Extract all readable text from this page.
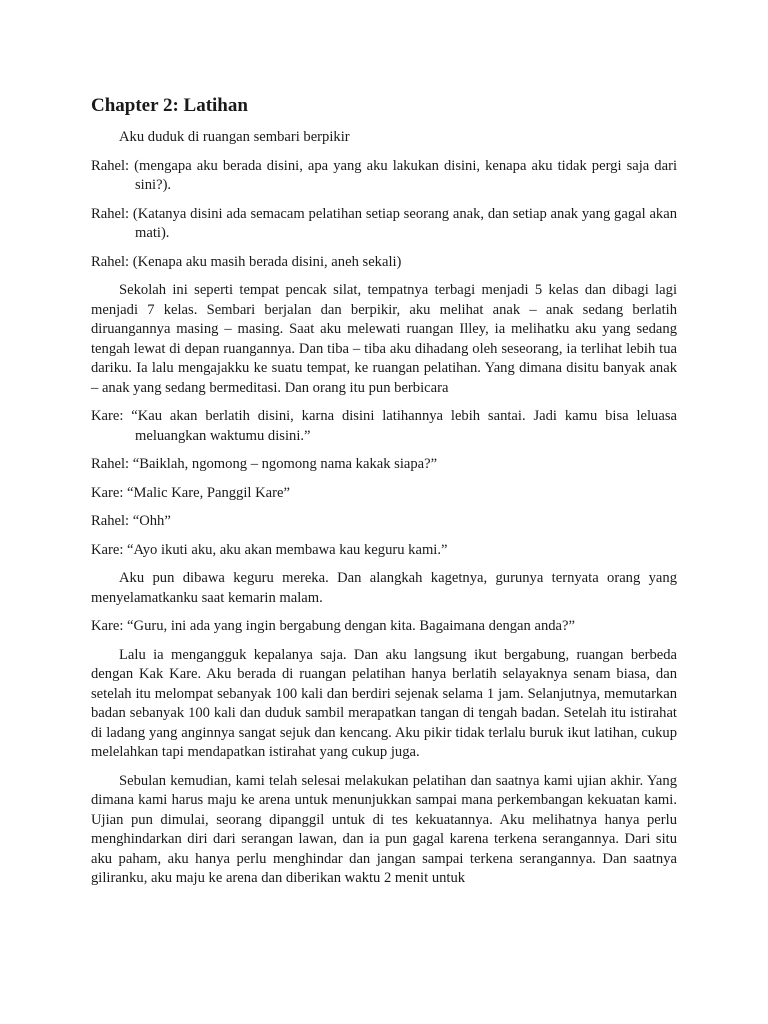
Chapter 2: Latihan

Aku duduk di ruangan sembari berpikir

Rahel: (mengapa aku berada disini, apa yang aku lakukan disini, kenapa aku tidak pergi saja dari sini?).

Rahel: (Katanya disini ada semacam pelatihan setiap seorang anak, dan setiap anak yang gagal akan mati).

Rahel: (Kenapa aku masih berada disini, aneh sekali)

Sekolah ini seperti tempat pencak silat, tempatnya terbagi menjadi 5 kelas dan dibagi lagi menjadi 7 kelas. Sembari berjalan dan berpikir, aku melihat anak – anak sedang berlatih diruangannya masing – masing. Saat aku melewati ruangan Illey, ia melihatku aku yang sedang tengah lewat di depan ruangannya. Dan tiba – tiba aku dihadang oleh seseorang, ia terlihat lebih tua dariku. Ia lalu mengajakku ke suatu tempat, ke ruangan pelatihan. Yang dimana disitu banyak anak – anak yang sedang bermeditasi. Dan orang itu pun berbicara

Kare: “Kau akan berlatih disini, karna disini latihannya lebih santai. Jadi kamu bisa leluasa meluangkan waktumu disini.”

Rahel: “Baiklah, ngomong – ngomong nama kakak siapa?”

Kare: “Malic Kare, Panggil Kare”

Rahel: “Ohh”

Kare: “Ayo ikuti aku, aku akan membawa kau keguru kami.”

Aku pun dibawa keguru mereka. Dan alangkah kagetnya, gurunya ternyata orang yang menyelamatkanku saat kemarin malam.

Kare: “Guru, ini ada yang ingin bergabung dengan kita. Bagaimana dengan anda?”

Lalu ia mengangguk kepalanya saja. Dan aku langsung ikut bergabung, ruangan berbeda dengan Kak Kare. Aku berada di ruangan pelatihan hanya berlatih selayaknya senam biasa, dan setelah itu melompat sebanyak 100 kali dan berdiri sejenak selama 1 jam. Selanjutnya, memutarkan badan sebanyak 100 kali dan duduk sambil merapatkan tangan di tengah badan. Setelah itu istirahat di ladang yang anginnya sangat sejuk dan kencang. Aku pikir tidak terlalu buruk ikut latihan, cukup melelahkan tapi mendapatkan istirahat yang cukup juga.

Sebulan kemudian, kami telah selesai melakukan pelatihan dan saatnya kami ujian akhir. Yang dimana kami harus maju ke arena untuk menunjukkan sampai mana perkembangan kekuatan kami. Ujian pun dimulai, seorang dipanggil untuk di tes kekuatannya. Aku melihatnya hanya perlu menghindarkan diri dari serangan lawan, dan ia pun gagal karena terkena serangannya. Dari situ aku paham, aku hanya perlu menghindar dan jangan sampai terkena serangannya. Dan saatnya giliranku, aku maju ke arena dan diberikan waktu 2 menit untuk
